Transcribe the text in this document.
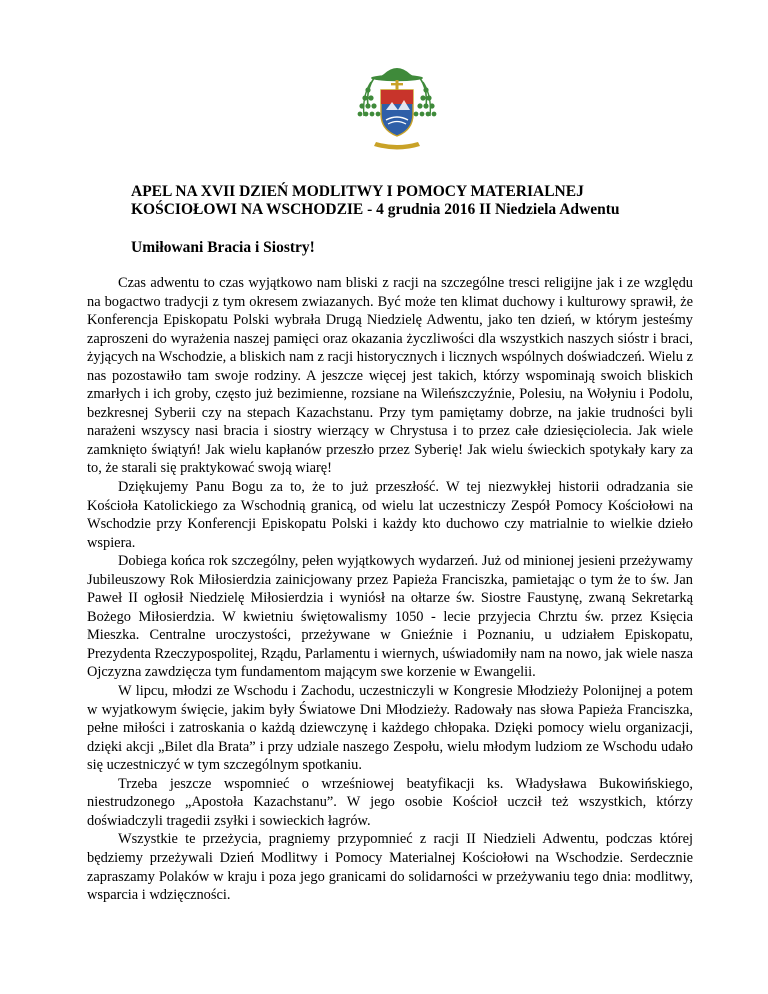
APEL NA XVII DZIEŃ MODLITWY I POMOCY MATERIALNEJ
KOŚCIOŁOWI NA WSCHODZIE - 4 grudnia 2016 II Niedziela Adwentu

Umiłowani Bracia i Siostry!

Czas adwentu to czas wyjątkowo nam bliski z racji na szczególne tresci religijne jak i ze względu na bogactwo tradycji z tym okresem zwiazanych. Być może ten klimat duchowy i kulturowy sprawił, że Konferencja Episkopatu Polski wybrała Drugą Niedzielę Adwentu, jako ten dzień, w którym jesteśmy zaproszeni do wyrażenia naszej pamięci oraz okazania życzliwości dla wszystkich naszych sióstr i braci, żyjących na Wschodzie, a bliskich nam z racji historycznych i licznych wspólnych doświadczeń. Wielu z nas pozostawiło tam swoje rodziny. A jeszcze więcej jest takich, którzy wspominają swoich bliskich zmarłych i ich groby, często już bezimienne, rozsiane na Wileńszczyźnie, Polesiu, na Wołyniu i Podolu, bezkresnej Syberii czy na stepach Kazachstanu. Przy tym pamiętamy dobrze, na jakie trudności byli narażeni wszyscy nasi bracia i siostry wierzący w Chrystusa i to przez całe dziesięciolecia. Jak wiele zamknięto świątyń! Jak wielu kapłanów przeszło przez Syberię! Jak wielu świeckich spotykały kary za to, że starali się praktykować swoją wiarę!

Dziękujemy Panu Bogu za to, że to już przeszłość. W tej niezwykłej historii odradzania sie Kościoła Katolickiego za Wschodnią granicą, od wielu lat uczestniczy Zespół Pomocy Kościołowi na Wschodzie przy Konferencji Episkopatu Polski i każdy kto duchowo czy matrialnie to wielkie dzieło wspiera.

Dobiega końca rok szczególny, pełen wyjątkowych wydarzeń. Już od minionej jesieni przeżywamy Jubileuszowy Rok Miłosierdzia zainicjowany przez Papieża Franciszka, pamietając o tym że to św. Jan Paweł II ogłosił Niedzielę Miłosierdzia i wyniósł na ołtarze św. Siostre Faustynę, zwaną Sekretarką Bożego Miłosierdzia. W kwietniu świętowalismy 1050 - lecie przyjecia Chrztu św. przez Księcia Mieszka. Centralne uroczystości, przeżywane w Gnieźnie i Poznaniu, u udziałem Episkopatu, Prezydenta Rzeczypospolitej, Rządu, Parlamentu i wiernych, uświadomiły nam na nowo, jak wiele nasza Ojczyzna zawdzięcza tym fundamentom mającym swe korzenie w Ewangelii.

W lipcu, młodzi ze Wschodu i Zachodu, uczestniczyli w Kongresie Młodzieży Polonijnej a potem w wyjatkowym święcie, jakim były Światowe Dni Młodzieży. Radowały nas słowa Papieża Franciszka, pełne miłości i zatroskania o każdą dziewczynę i każdego chłopaka. Dzięki pomocy wielu organizacji, dzięki akcji „Bilet dla Brata” i przy udziale naszego Zespołu, wielu młodym ludziom ze Wschodu udało się uczestniczyć w tym szczególnym spotkaniu.

Trzeba jeszcze wspomnieć o wrześniowej beatyfikacji ks. Władysława Bukowińskiego, niestrudzonego „Apostoła Kazachstanu”. W jego osobie Kościoł uczcił też wszystkich, którzy doświadczyli tragedii zsyłki i sowieckich łagrów.

Wszystkie te przeżycia, pragniemy przypomnieć z racji II Niedzieli Adwentu, podczas której będziemy przeżywali Dzień Modlitwy i Pomocy Materialnej Kościołowi na Wschodzie. Serdecznie zapraszamy Polaków w kraju i poza jego granicami do solidarności w przeżywaniu tego dnia: modlitwy, wsparcia i wdzięczności.
